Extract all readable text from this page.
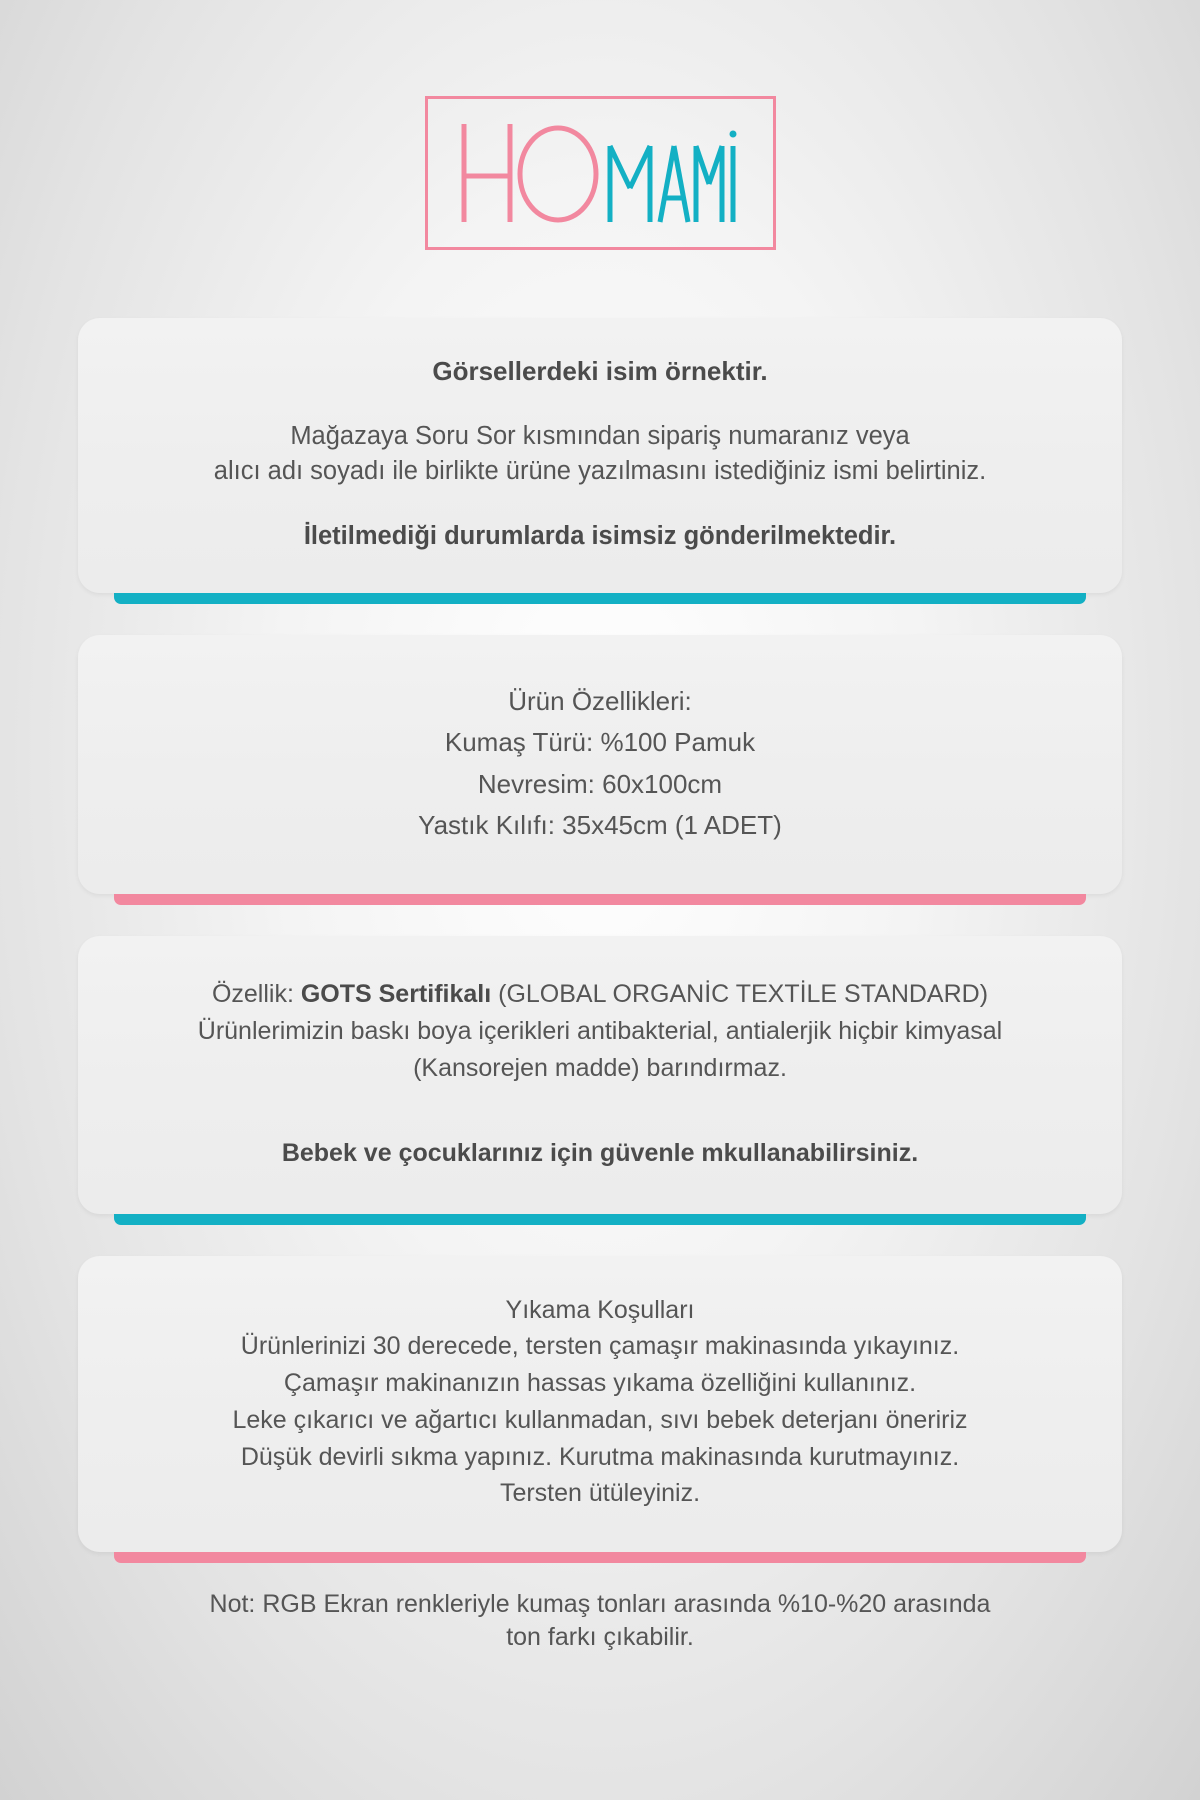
Görsellerdeki isim örnektir.

Mağazaya Soru Sor kısmından sipariş numaranız veya

alıcı adı soyadı ile birlikte ürüne yazılmasını istediğiniz ismi belirtiniz.

İletilmediği durumlarda isimsiz gönderilmektedir.

Ürün Özellikleri:

Kumaş Türü: %100 Pamuk

Nevresim: 60x100cm

Yastık Kılıfı: 35x45cm (1 ADET)

Özellik: GOTS Sertifikalı (GLOBAL ORGANİC TEXTİLE STANDARD)

Ürünlerimizin baskı boya içerikleri antibakterial, antialerjik hiçbir kimyasal

(Kansorejen madde) barındırmaz.

Bebek ve çocuklarınız için güvenle mkullanabilirsiniz.

Yıkama Koşulları

Ürünlerinizi 30 derecede, tersten çamaşır makinasında yıkayınız.

Çamaşır makinanızın hassas yıkama özelliğini kullanınız.

Leke çıkarıcı ve ağartıcı kullanmadan, sıvı bebek deterjanı öneririz

Düşük devirli sıkma yapınız. Kurutma makinasında kurutmayınız.

Tersten ütüleyiniz.

Not: RGB Ekran renkleriyle kumaş tonları arasında %10-%20 arasında
ton farkı çıkabilir.
